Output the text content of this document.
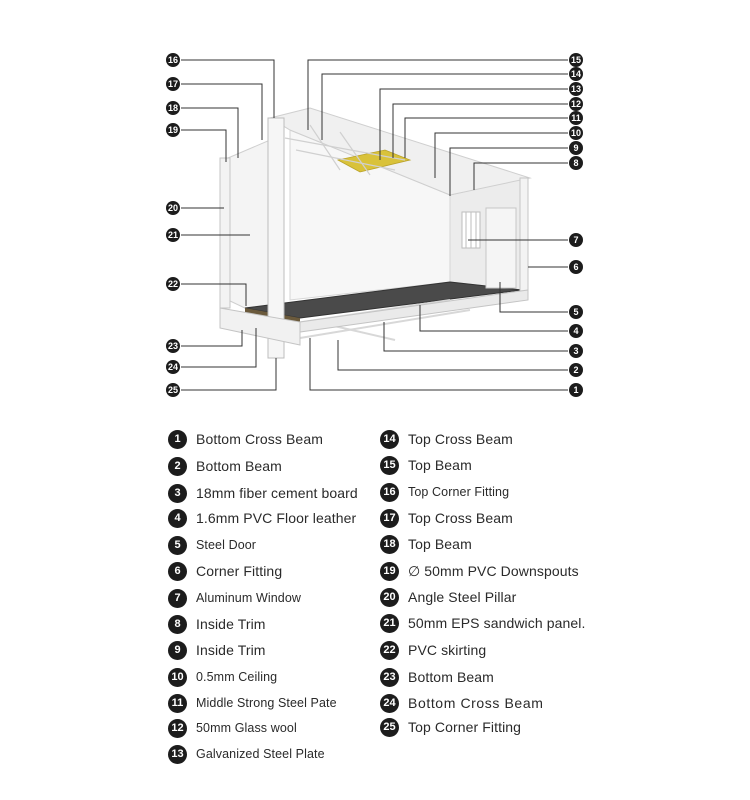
16
17
18
19
20
21
22
23
24
25
15
14
13
12
11
10
9
8
7
6
5
4
3
2
1
1	Bottom Cross Beam
2	Bottom Beam
3	18mm fiber cement board
4	1.6mm PVC Floor leather
5	Steel Door
6	Corner Fitting
7	Aluminum Window
8	Inside Trim
9	Inside Trim
10 0.5mm Ceiling
11 Middle Strong Steel Pate
12 50mm Glass wool
13 Galvanized Steel Plate
14 Top Cross Beam
15 Top Beam
16 Top Corner Fitting
17 Top Cross Beam
18 Top Beam
19 ∅ 50mm PVC Downspouts
20 Angle Steel Pillar
21 50mm EPS sandwich panel.
22 PVC skirting
23 Bottom Beam
24 Bottom Cross Beam
25 Top Corner Fitting
